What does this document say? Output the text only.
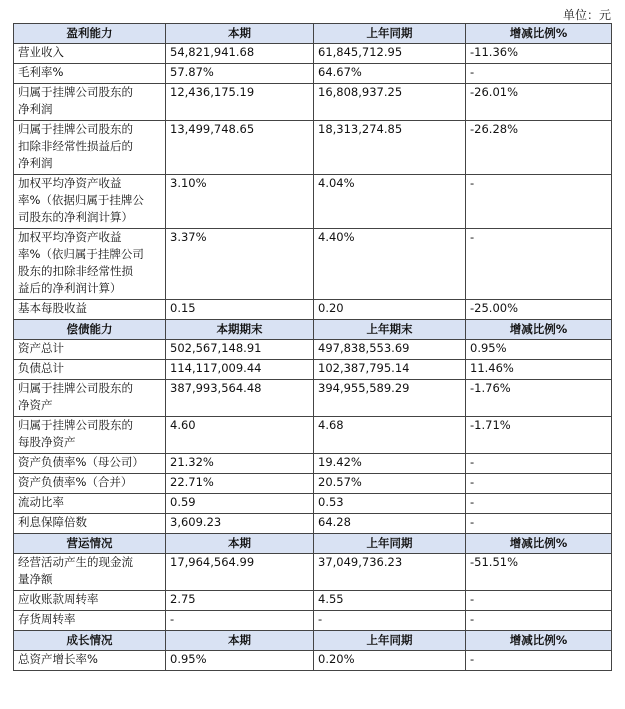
单位：元
盈利能力	本期	上年同期	增减比例%

营业收入	54,821,941.68	61,845,712.95	-11.36%

毛利率%	57.87%	64.67%	-

归属于挂牌公司股东的
净利润	12,436,175.19	16,808,937.25	-26.01%

归属于挂牌公司股东的
扣除非经常性损益后的
净利润	13,499,748.65	18,313,274.85	-26.28%

加权平均净资产收益
率%（依据归属于挂牌公
司股东的净利润计算）	3.10%	4.04%	-

加权平均净资产收益
率%（依归属于挂牌公司
股东的扣除非经常性损
益后的净利润计算）	3.37%	4.40%	-

基本每股收益	0.15	0.20	-25.00%
偿债能力	本期期末	上年期末	增减比例%

资产总计	502,567,148.91	497,838,553.69	0.95%

负债总计	114,117,009.44	102,387,795.14	11.46%

归属于挂牌公司股东的
净资产	387,993,564.48	394,955,589.29	-1.76%

归属于挂牌公司股东的
每股净资产	4.60	4.68	-1.71%

资产负债率%（母公司）	21.32%	19.42%	-

资产负债率%（合并）	22.71%	20.57%	-

流动比率	0.59	0.53	-

利息保障倍数	3,609.23	64.28	-
营运情况	本期	上年同期	增减比例%

经营活动产生的现金流
量净额	17,964,564.99	37,049,736.23	-51.51%

应收账款周转率	2.75	4.55	-

存货周转率	-	-	-
成长情况	本期	上年同期	增减比例%

总资产增长率%	0.95%	0.20%	-
